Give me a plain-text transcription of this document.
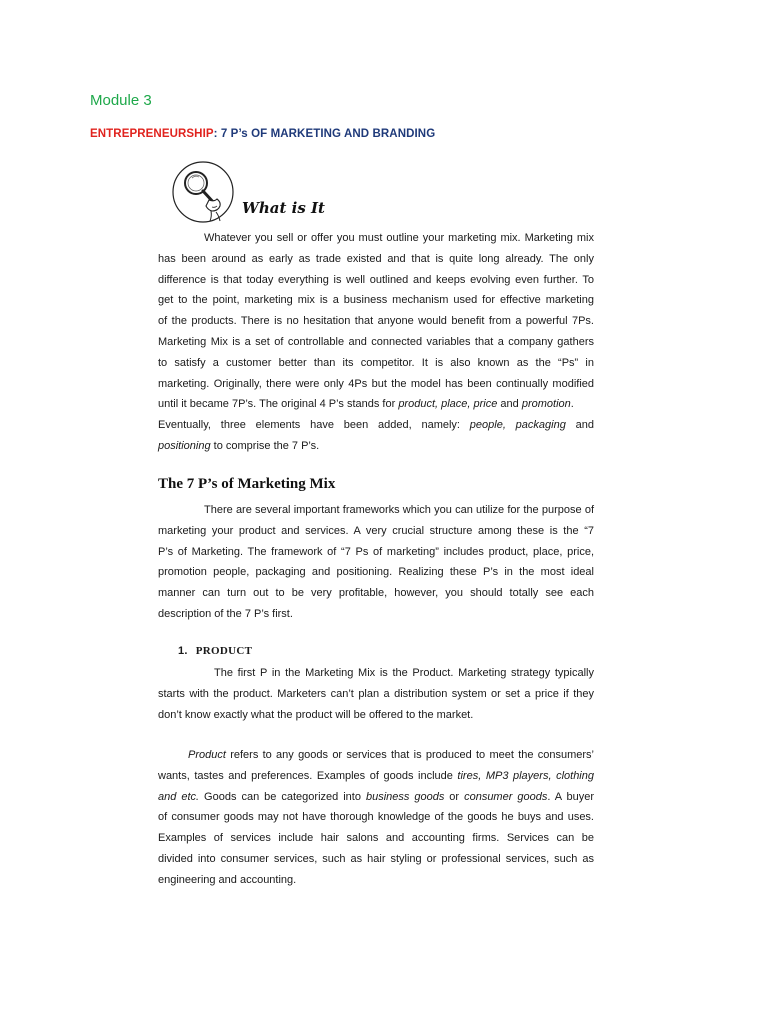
Module 3
ENTREPRENEURSHIP: 7 P’s OF MARKETING AND BRANDING
What is It
Whatever you sell or offer you must outline your marketing mix. Marketing mix
has been around as early as trade existed and that is quite long already. The only
difference is that today everything is well outlined and keeps evolving even further. To
get to the point, marketing mix is a business mechanism used for effective marketing
of the products. There is no hesitation that anyone would benefit from a powerful 7Ps.
Marketing Mix is a set of controllable and connected variables that a company gathers
to satisfy a customer better than its competitor. It is also known as the “Ps” in
marketing. Originally, there were only 4Ps but the model has been continually modified
until it became 7P’s. The original 4 P’s stands for product, place, price and promotion.
Eventually, three elements have been added, namely: people, packaging and
positioning to comprise the 7 P’s.
The 7 P’s of Marketing Mix
There are several important frameworks which you can utilize for the purpose of
marketing your product and services. A very crucial structure among these is the “7
P’s of Marketing. The framework of “7 Ps of marketing” includes product, place, price,
promotion people, packaging and positioning. Realizing these P’s in the most ideal
manner can turn out to be very profitable, however, you should totally see each
description of the 7 P’s first.
1. PRODUCT
The first P in the Marketing Mix is the Product. Marketing strategy typically
starts with the product. Marketers can’t plan a distribution system or set a price if they
don’t know exactly what the product will be offered to the market.
Product refers to any goods or services that is produced to meet the consumers’
wants, tastes and preferences. Examples of goods include tires, MP3 players, clothing
and etc. Goods can be categorized into business goods or consumer goods. A buyer
of consumer goods may not have thorough knowledge of the goods he buys and uses.
Examples of services include hair salons and accounting firms. Services can be
divided into consumer services, such as hair styling or professional services, such as
engineering and accounting.
